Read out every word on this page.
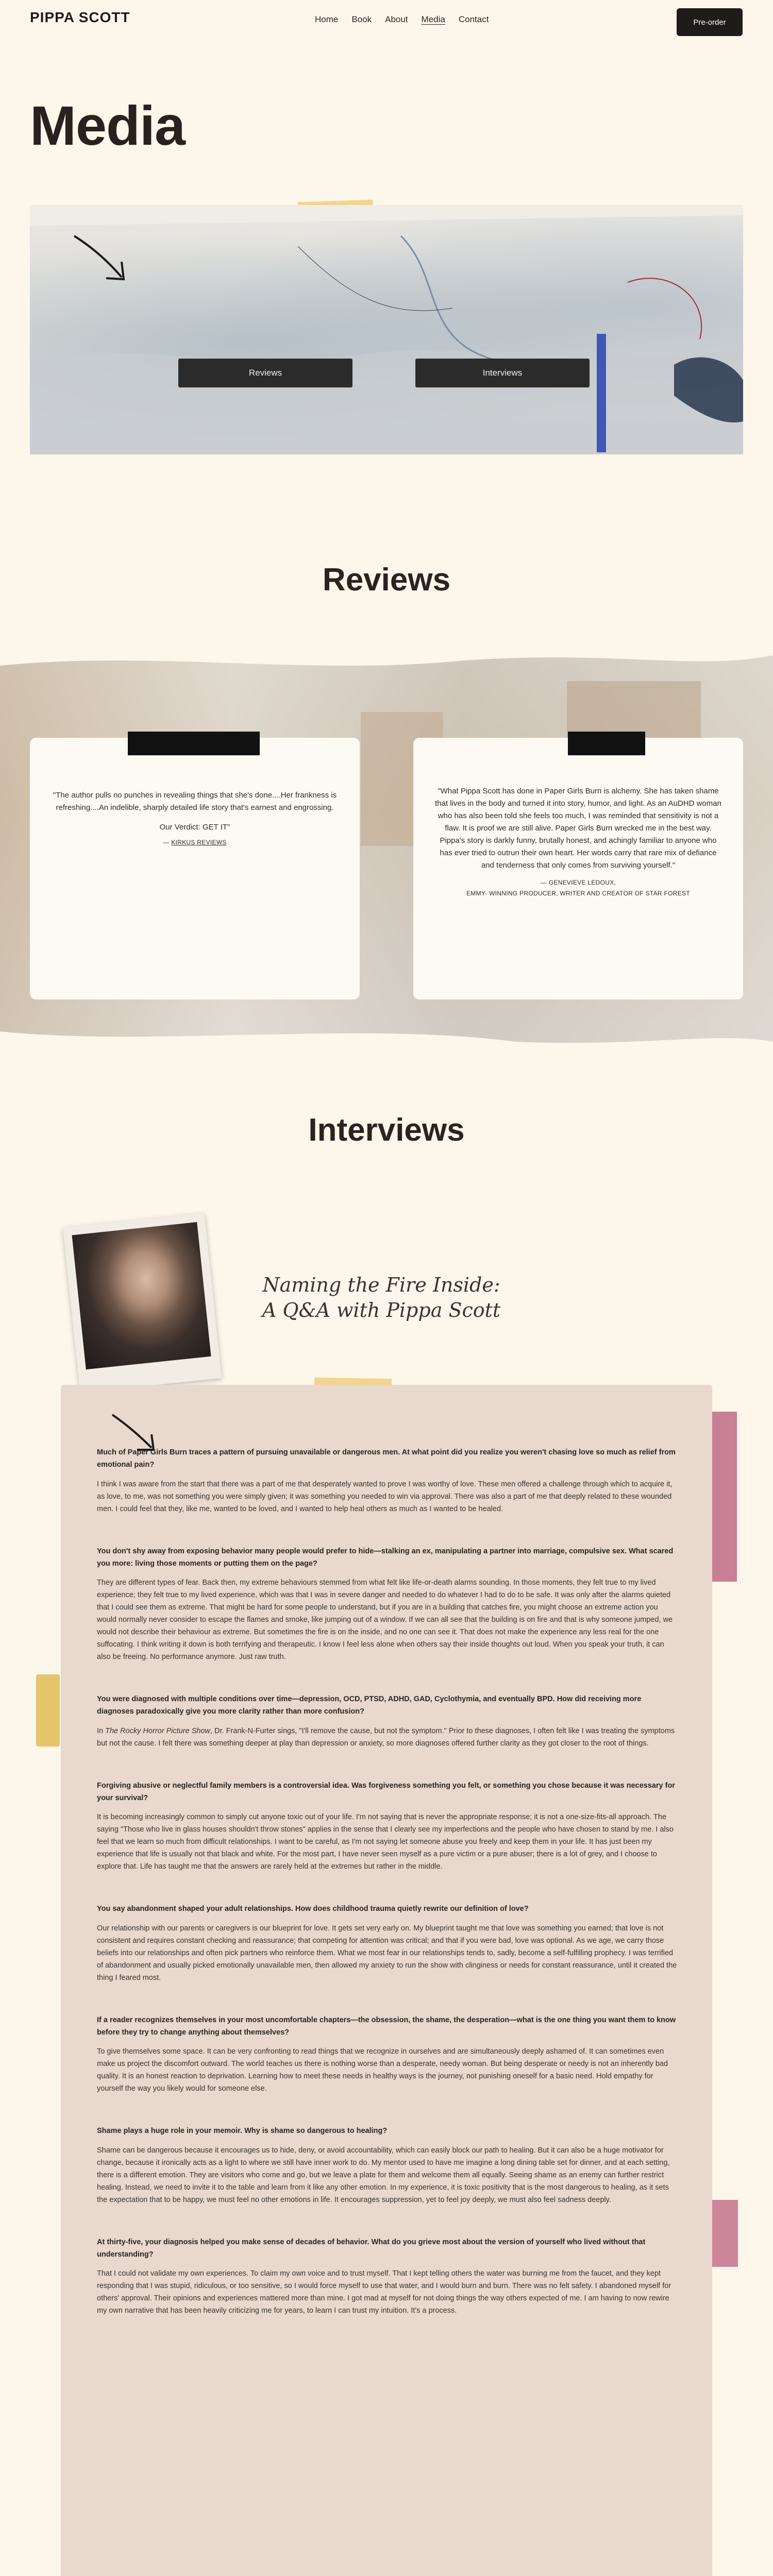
PIPPA SCOTT	Home Book About Media Contact	Pre-order
Media
Reviews	Interviews
Reviews

"The author pulls no punches in revealing things that she's done....Her frankness is refreshing....An indelible, sharply detailed life story that's earnest and engrossing.

Our Verdict: GET IT"

— KIRKUS REVIEWS

"What Pippa Scott has done in Paper Girls Burn is alchemy. She has taken shame that lives in the body and turned it into story, humor, and light. As an AuDHD woman who has also been told she feels too much, I was reminded that sensitivity is not a flaw. It is proof we are still alive. Paper Girls Burn wrecked me in the best way. Pippa's story is darkly funny, brutally honest, and achingly familiar to anyone who has ever tried to outrun their own heart. Her words carry that rare mix of defiance and tenderness that only comes from surviving yourself."

— GENEVIEVE LEDOUX,

EMMY- WINNING PRODUCER, WRITER AND CREATOR OF STAR FOREST

Interviews
Naming the Fire Inside:
A Q&A with Pippa Scott

Much of Paper Girls Burn traces a pattern of pursuing unavailable or dangerous men. At what point did you realize you weren't chasing love so much as relief from emotional pain?

I think I was aware from the start that there was a part of me that desperately wanted to prove I was worthy of love. These men offered a challenge through which to acquire it, as love, to me, was not something you were simply given; it was something you needed to win via approval. There was also a part of me that deeply related to these wounded men. I could feel that they, like me, wanted to be loved, and I wanted to help heal others as much as I wanted to be healed.

You don't shy away from exposing behavior many people would prefer to hide—stalking an ex, manipulating a partner into marriage, compulsive sex. What scared you more: living those moments or putting them on the page?

They are different types of fear. Back then, my extreme behaviours stemmed from what felt like life-or-death alarms sounding. In those moments, they felt true to my lived experience; they felt true to my lived experience, which was that I was in severe danger and needed to do whatever I had to do to be safe. It was only after the alarms quieted that I could see them as extreme. That might be hard for some people to understand, but if you are in a building that catches fire, you might choose an extreme action you would normally never consider to escape the flames and smoke, like jumping out of a window. If we can all see that the building is on fire and that is why someone jumped, we would not describe their behaviour as extreme. But sometimes the fire is on the inside, and no one can see it. That does not make the experience any less real for the one suffocating. I think writing it down is both terrifying and therapeutic. I know I feel less alone when others say their inside thoughts out loud. When you speak your truth, it can also be freeing. No performance anymore. Just raw truth.

You were diagnosed with multiple conditions over time—depression, OCD, PTSD, ADHD, GAD, Cyclothymia, and eventually BPD. How did receiving more diagnoses paradoxically give you more clarity rather than more confusion?

In The Rocky Horror Picture Show, Dr. Frank-N-Furter sings, "I'll remove the cause, but not the symptom." Prior to these diagnoses, I often felt like I was treating the symptoms but not the cause. I felt there was something deeper at play than depression or anxiety, so more diagnoses offered further clarity as they got closer to the root of things.

Forgiving abusive or neglectful family members is a controversial idea. Was forgiveness something you felt, or something you chose because it was necessary for your survival?

It is becoming increasingly common to simply cut anyone toxic out of your life. I'm not saying that is never the appropriate response; it is not a one-size-fits-all approach. The saying "Those who live in glass houses shouldn't throw stones" applies in the sense that I clearly see my imperfections and the people who have chosen to stand by me. I also feel that we learn so much from difficult relationships. I want to be careful, as I'm not saying let someone abuse you freely and keep them in your life. It has just been my experience that life is usually not that black and white. For the most part, I have never seen myself as a pure victim or a pure abuser; there is a lot of grey, and I choose to explore that. Life has taught me that the answers are rarely held at the extremes but rather in the middle.

You say abandonment shaped your adult relationships. How does childhood trauma quietly rewrite our definition of love?

Our relationship with our parents or caregivers is our blueprint for love. It gets set very early on. My blueprint taught me that love was something you earned; that love is not consistent and requires constant checking and reassurance; that competing for attention was critical; and that if you were bad, love was optional. As we age, we carry those beliefs into our relationships and often pick partners who reinforce them. What we most fear in our relationships tends to, sadly, become a self-fulfilling prophecy. I was terrified of abandonment and usually picked emotionally unavailable men, then allowed my anxiety to run the show with clinginess or needs for constant reassurance, until it created the thing I feared most.

If a reader recognizes themselves in your most uncomfortable chapters—the obsession, the shame, the desperation—what is the one thing you want them to know before they try to change anything about themselves?

To give themselves some space. It can be very confronting to read things that we recognize in ourselves and are simultaneously deeply ashamed of. It can sometimes even make us project the discomfort outward. The world teaches us there is nothing worse than a desperate, needy woman. But being desperate or needy is not an inherently bad quality. It is an honest reaction to deprivation. Learning how to meet these needs in healthy ways is the journey, not punishing oneself for a basic need. Hold empathy for yourself the way you likely would for someone else.

Shame plays a huge role in your memoir. Why is shame so dangerous to healing?

Shame can be dangerous because it encourages us to hide, deny, or avoid accountability, which can easily block our path to healing. But it can also be a huge motivator for change, because it ironically acts as a light to where we still have inner work to do. My mentor used to have me imagine a long dining table set for dinner, and at each setting, there is a different emotion. They are visitors who come and go, but we leave a plate for them and welcome them all equally. Seeing shame as an enemy can further restrict healing. Instead, we need to invite it to the table and learn from it like any other emotion. In my experience, it is toxic positivity that is the most dangerous to healing, as it sets the expectation that to be happy, we must feel no other emotions in life. It encourages suppression, yet to feel joy deeply, we must also feel sadness deeply.

At thirty-five, your diagnosis helped you make sense of decades of behavior. What do you grieve most about the version of yourself who lived without that understanding?

That I could not validate my own experiences. To claim my own voice and to trust myself. That I kept telling others the water was burning me from the faucet, and they kept responding that I was stupid, ridiculous, or too sensitive, so I would force myself to use that water, and I would burn and burn. There was no felt safety. I abandoned myself for others' approval. Their opinions and experiences mattered more than mine. I got mad at myself for not doing things the way others expected of me. I am having to now rewire my own narrative that has been heavily criticizing me for years, to learn I can trust my intuition. It's a process.
